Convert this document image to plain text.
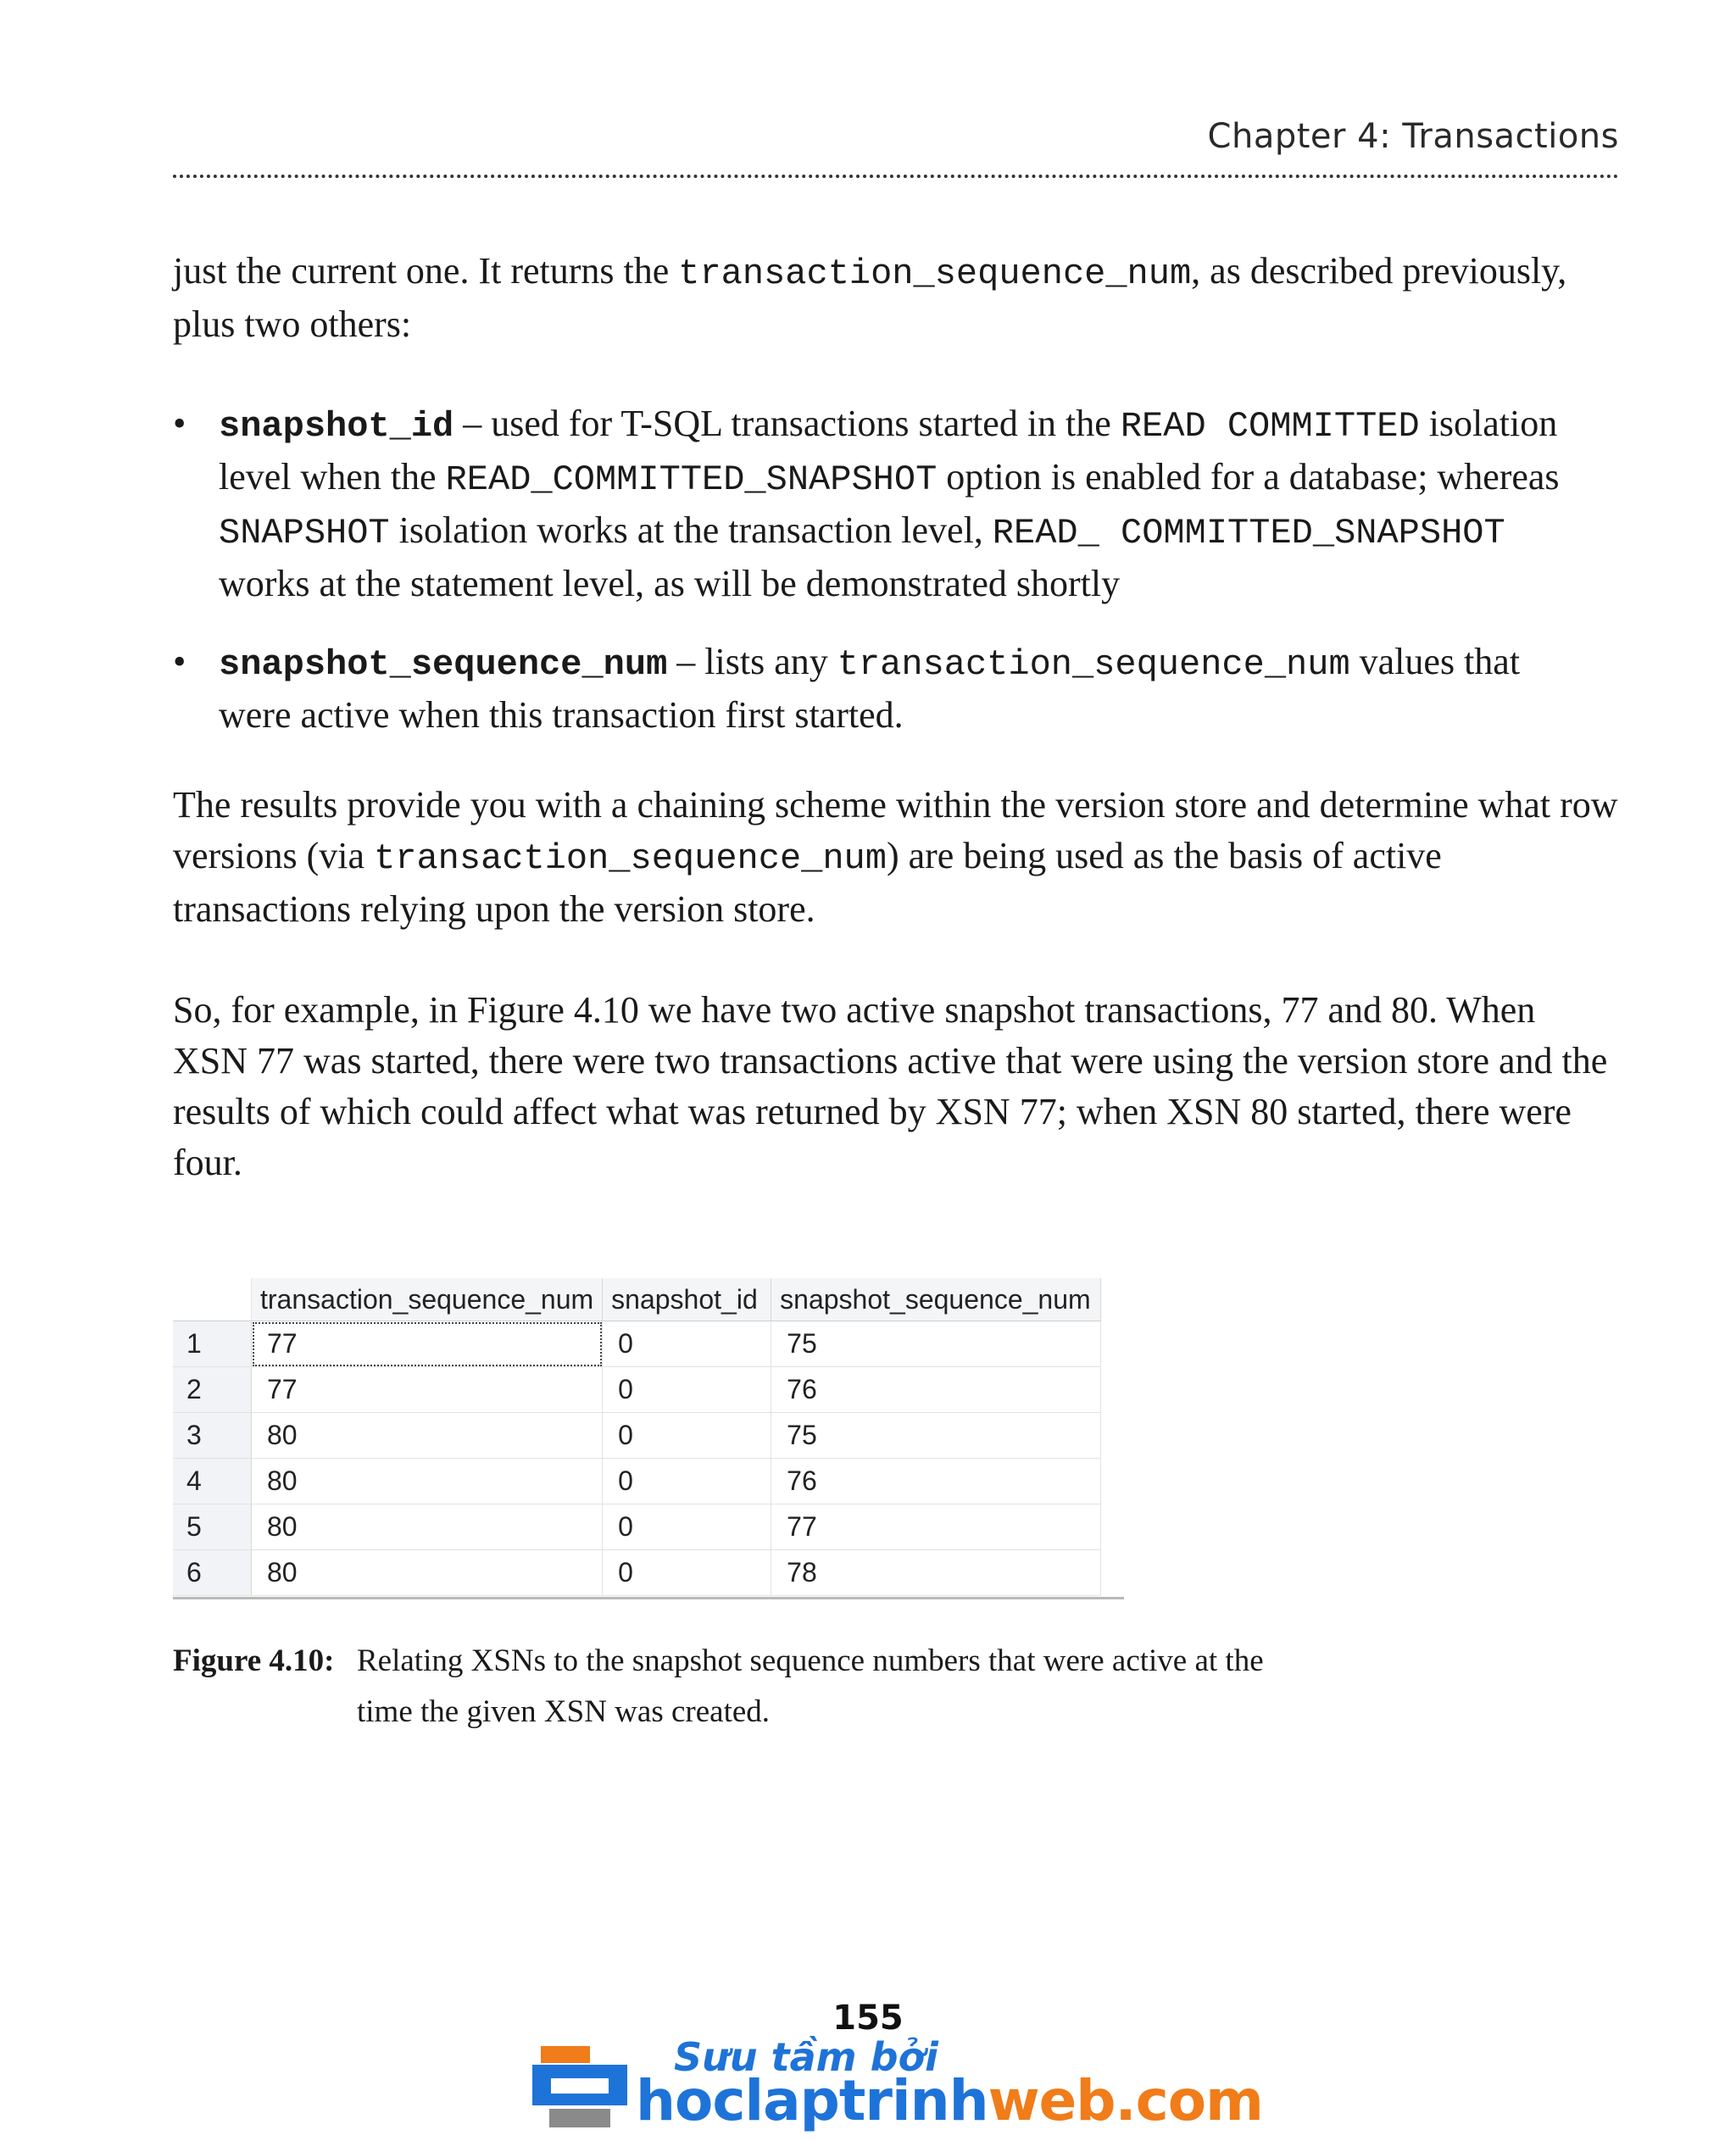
Chapter 4: Transactions

just the current one. It returns the transaction_sequence_num, as described previously, plus two others:

• snapshot_id – used for T-SQL transactions started in the READ COMMITTED isolation level when the READ_COMMITTED_SNAPSHOT option is enabled for a database; whereas SNAPSHOT isolation works at the transaction level, READ_ COMMITTED_SNAPSHOT works at the statement level, as will be demonstrated shortly
• snapshot_sequence_num – lists any transaction_sequence_num values that were active when this transaction first started.

The results provide you with a chaining scheme within the version store and determine what row versions (via transaction_sequence_num) are being used as the basis of active transactions relying upon the version store.

So, for example, in Figure 4.10 we have two active snapshot transactions, 77 and 80. When XSN 77 was started, there were two transactions active that were using the version store and the results of which could affect what was returned by XSN 77; when XSN 80 started, there were four.

	transaction_sequence_num	snapshot_id	snapshot_sequence_num
1	77	0	75
2	77	0	76
3	80	0	75
4	80	0	76
5	80	0	77
6	80	0	78
Figure 4.10: Relating XSNs to the snapshot sequence numbers that were active at the time the given XSN was created.
155
Sưu tầm bởi
hoclaptrinhweb.com
